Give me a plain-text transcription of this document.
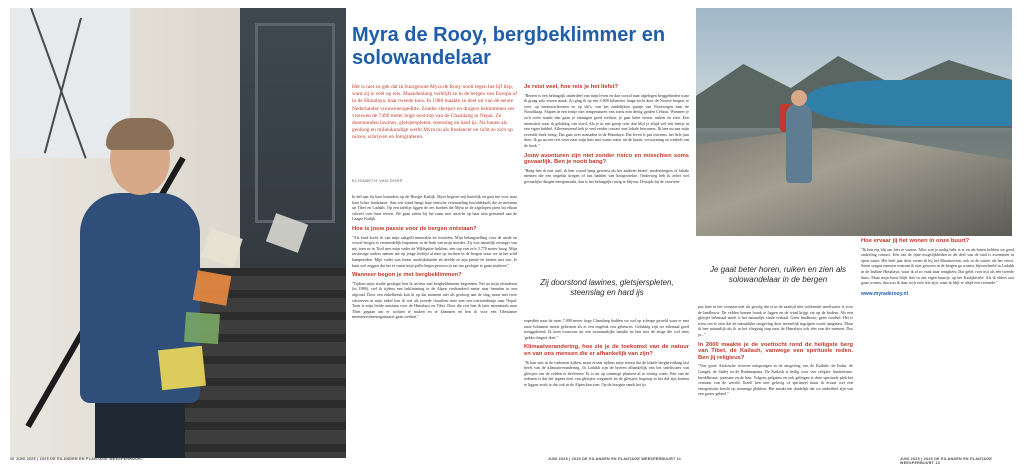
FOTO: ELISABETH VAN DORP
Myra de Rooy, bergbeklimmer en solowandelaar

Het is niet zo gek dat ik buurgenote Myra de Rooy nooit tegen het lijf liep, want zij is veel op reis. Maandenlang verblijft ze in de bergen van Europa of in de Himalaya, haar tweede huis. In 1988 maakte ze deel uit van de eerste Nederlandse vrouwenexpeditie. Zonder sherpa's en dragers beklommen zes vrouwen de 7490 meter hoge oost-top van de Chamlang in Nepal. Ze doorstonden lawines, gletsjerspleten, steenslag en hard ijs. Na banen als geoloog en milieukundige werkt Myra nu als freelancer en richt ze zich op reizen, schrijven en fotograferen.

ELISABETH VAN DORP

In bel aan bij haar huisadres op de Hoogte Kadijk. Myra begroet mij hartelijk en gaat me voor naar haar lichte huiskamer. Aan een wand hangt haar etnische verzameling hoofddeksels die ze meenam uit Tibet en Ladakh. Op een tafeltje liggen de zes boeken die Myra in de afgelopen jaren bij elkaar schreef over haar reizen. We gaan zitten bij het raam met uitzicht op haar tuin grenzend aan de Laagte Kadijk.

Hoe is jouw passie voor de bergen ontstaan?

"Als kind kocht ik van mijn zakgeld mineralen en fossielen. Mijn belangstelling voor de aarde en vooral bergen is vermoedelijk begonnen in de buik van mijn moeder. Zij was namelijk zwanger van mij toen ze in Tirol met mijn vader de Wildspitze beklom, een top van zo'n 3.770 meter hoog. Mijn reislustige ouders namen me op jonge leeftijd al mee op tochten in de bergen waar we in het wild kampeerden. Mijn vader was leraar aardrijkskunde en deelde zo zijn passie en kennis met ons. Je kunt wel zeggen dat het er vanaf mijn prille begin gewoon in zat om geologie te gaan studeren."

Wanneer begon je met bergbeklimmen?

"Tijdens mijn studie geologie ben ik serieus met bergbeklimmen begonnen. Net na mijn afstuderen (in 1986), viel ik tijdens een bekliniming in de Alpen vierhonderd meter naar beneden in een afgrond. Door een enkelbreuk kon ik op dat moment niet als geoloog aan de slag, maar met twee schroeven in mijn enkel kon ik wel als tweede chauffeur mee met een toeristenbusje naar Nepal. Toen is mijn liefde ontstaan voor de Himalaya en Tibet. Door die reis ben ik later meermaals naar Tibet gegaan om er tochten te maken en te klimmen en ben ik voor een Tibetaanse mensenrechtenorganisatie gaan werken."

Je reist veel, hoe reis je het liefst?

"Reizen is een belangrijk onderdeel van mijn leven en dan vooral naar afgelegen berggebieden waar ik graag solo-reizen maak. Zo ging ik op een 3.000 kilometer lange tocht door de Noorse bergen, te voet, op sneeuwschoenen en op ski's, van het zuidelijkste puntje van Noorwegen naar de Noordkaap. Slapen in een tentje met temperaturen van soms min dertig graden Celsius. Wanneer je zo'n tocht maakt dan gaan je zintuigen goed werken, je gaat beter horen, ruiken en zien. Een intensiteit waar ik gelukkig van word. Als je in een groep reist dan blijf je altijd wel een beetje in een eigen bubbel. Alleenreizend heb je veel eerder contact met lokale bewoners. Ik ben nu aan mijn zevende boek bezig. Dat gaat over nomaden in de Himalaya. Dat leven is pas extreem, het hele jaar door. Ik ga na een reis weer naar mijn huis met warm water uit de kraan, verwarming en winkels om de hoek."

Jouw avonturen zijn niet zonder risico en misschien soms gevaarlijk. Ben je nooit bang?

"Bang ben ik niet snel, ik ben vooral bang geweest als het anderen betrof, medereizigers of lokale mensen die een ongeluk kregen of last hadden van hoogteziekte. Onderweg heb ik zeker wel gevaarlijke dingen meegemaakt, dan is het belangrijk rustig te blijven. Destijds bij de vrouwen-

Zij doorstond lawines, gletsjerspleten, steenslag en hard ijs

expeditie naar de ruim 7.000 meter hoge Chamlang hadden we wel op scherpe gesteld waar er met onze lichamen moest gebeuren als er een ongeluk zou gebeuren. Gelukkig zijn we allemaal goed teruggekeerd. Ik kom trouwens uit een avontuurlijke familie en ben niet de enige die wel eens 'gekke dingen' doet."

Klimaatverandering, hoe zie je de toekomst van de natuur en van ons mensen die er afhankelijk van zijn?

"Ik kan niet in de toekomst kijken, maar ervaar tijdens mijn reizen dat de lokale bergbevolking last heeft van de klimaatverandering. In Ladakh zijn de boeren afhankelijk van het smeltwater van gletsjers om de velden te bevloeien. Er is nu op sommige plaatsen al te weinig water. Eén van de redenen is dat het tegens doet van gletsjers wegsmelt en de gletsjers hogerop in het dal zijn komen te liggen zoals je dat ook in de Alpen kan zien. Op de hoogste smelt het ijs

FOTO: MYRA DE ROOY
Je gaat beter horen, ruiken en zien als solowandelaar in de bergen

pas later in het voorjaar met als gevolg dat er in de zaaitijd niet voldoende smeltwater is voor de landbouw. De velden komen braak te liggen en de wind krijgt vat op de bodem. Als een gletsjer helemaal smelt is het natuurlijk einde verhaal. Geen landbouw, geen voedsel. Het is triest om te zien dat de natuurlijke omgeving door menselijk ingrijpen wordt aangetast. Maar ik ben natuurlijk als ik in het vliegtuig stap naar de Himalaya ook één van die mensen. Dus ja..."

In 2000 maakte je de voettocht rond de heiligste berg van Tibet, de Kailash, vanwege een spirituele reden. Ben jij religieus?

"Vier grote Aziatische rivieren ontspringen in de omgeving van de Kailash: de Indus, de Ganges, de Sutlej en de Brahmaputra. De Kailash is heilig voor vier religies: hindoeisme, boeddhisme, jainisme en de bön. Volgens pelgrims en ook gelingen is deze spirituele plek het centrum van de wereld. Ikzelf ben niet gelovig of spiritueel maar ik ervaar wel een energetische kracht op sommige plekken. Het maakt me duidelijk dat we onderdeel zijn van een groter geheel."

Hoe ervaar jij het wonen in onze buurt?

"Ik ben erg blij om hier te wonen. Alles wat je nodig hebt is er en als buren hebben we goed onderling contact. Eén van de fijne mogelijkheden in dit deel van de stad is zwemmen in open water. Het hele jaar door zwem ik bij het Marinterrein, ook in de winter als het vriest. Soms vragen mensen waarom ik niet gewoon in de bergen ga wonen, bijvoorbeeld in Ladakh in de Indiase Himalaya, waar ik al zo vaak naar terugkeer. Dat geldt voor mij als een tweede thuis. Maar mijn basis blijft hier in ons eigen buurtje, op het Kadijksveld. Als ik elders zou gaan wonen, dan zou ik daar toch echt iets zijn, want ik blijf er altijd een vreemde."

www.myraderooy.nl
10 JUNI 2025 | 2025 DE EILANDEN EN PLANTAGE WEESPERBUURT	JUNI 2025 | 2025 DE EILANDEN EN PLANTAGE WEESPERBUURT 11	JUNI 2025 | 2025 DE EILANDEN EN PLANTAGE WEESPERBUURT 13
